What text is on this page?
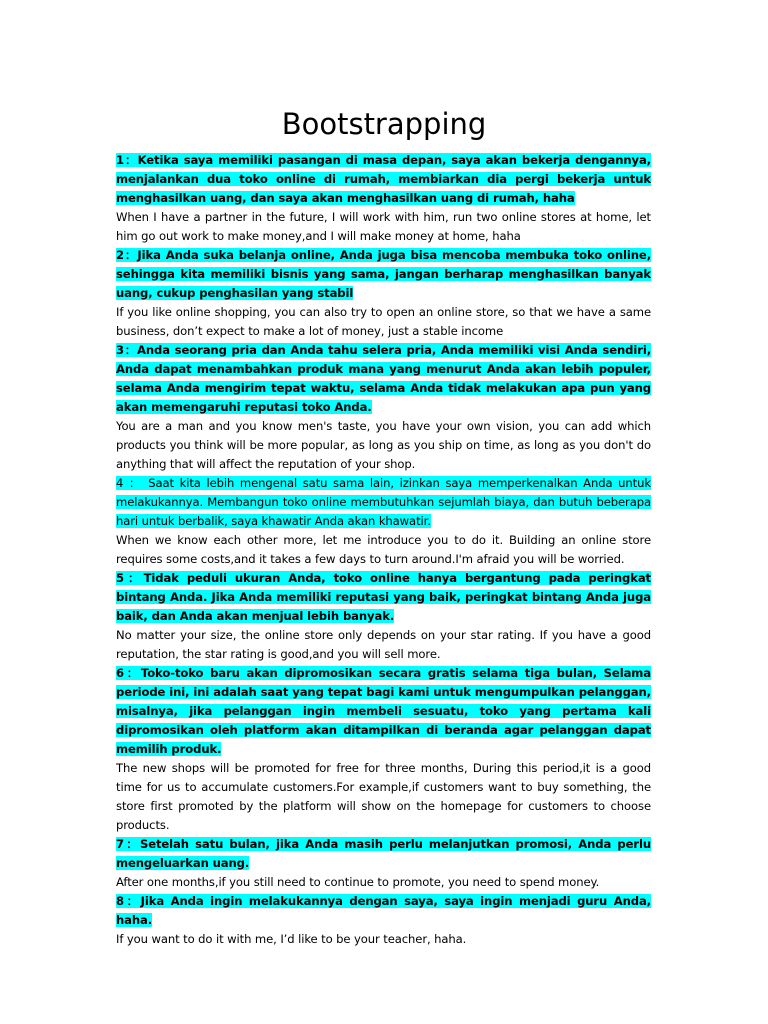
Bootstrapping

1：Ketika saya memiliki pasangan di masa depan, saya akan bekerja dengannya, menjalankan dua toko online di rumah, membiarkan dia pergi bekerja untuk menghasilkan uang, dan saya akan menghasilkan uang di rumah, haha

When I have a partner in the future, I will work with him, run two online stores at home, let him go out work to make money,and I will make money at home, haha

2：Jika Anda suka belanja online, Anda juga bisa mencoba membuka toko online, sehingga kita memiliki bisnis yang sama, jangan berharap menghasilkan banyak uang, cukup penghasilan yang stabil

If you like online shopping, you can also try to open an online store, so that we have a same business, don’t expect to make a lot of money, just a stable income

3：Anda seorang pria dan Anda tahu selera pria, Anda memiliki visi Anda sendiri, Anda dapat menambahkan produk mana yang menurut Anda akan lebih populer, selama Anda mengirim tepat waktu, selama Anda tidak melakukan apa pun yang akan memengaruhi reputasi toko Anda.

You are a man and you know men's taste, you have your own vision, you can add which products you think will be more popular, as long as you ship on time, as long as you don't do anything that will affect the reputation of your shop.

4 ： Saat kita lebih mengenal satu sama lain, izinkan saya memperkenalkan Anda untuk melakukannya. Membangun toko online membutuhkan sejumlah biaya, dan butuh beberapa hari untuk berbalik, saya khawatir Anda akan khawatir.

When we know each other more, let me introduce you to do it. Building an online store requires some costs,and it takes a few days to turn around.I'm afraid you will be worried.

5：Tidak peduli ukuran Anda, toko online hanya bergantung pada peringkat bintang Anda. Jika Anda memiliki reputasi yang baik, peringkat bintang Anda juga baik, dan Anda akan menjual lebih banyak.

No matter your size, the online store only depends on your star rating. If you have a good reputation, the star rating is good,and you will sell more.

6：Toko-toko baru akan dipromosikan secara gratis selama tiga bulan, Selama periode ini, ini adalah saat yang tepat bagi kami untuk mengumpulkan pelanggan, misalnya, jika pelanggan ingin membeli sesuatu, toko yang pertama kali dipromosikan oleh platform akan ditampilkan di beranda agar pelanggan dapat memilih produk.

The new shops will be promoted for free for three months, During this period,it is a good time for us to accumulate customers.For example,if customers want to buy something, the store first promoted by the platform will show on the homepage for customers to choose products.

7：Setelah satu bulan, jika Anda masih perlu melanjutkan promosi, Anda perlu mengeluarkan uang.

After one months,if you still need to continue to promote, you need to spend money.

8：Jika Anda ingin melakukannya dengan saya, saya ingin menjadi guru Anda, haha.

If you want to do it with me, I’d like to be your teacher, haha.
